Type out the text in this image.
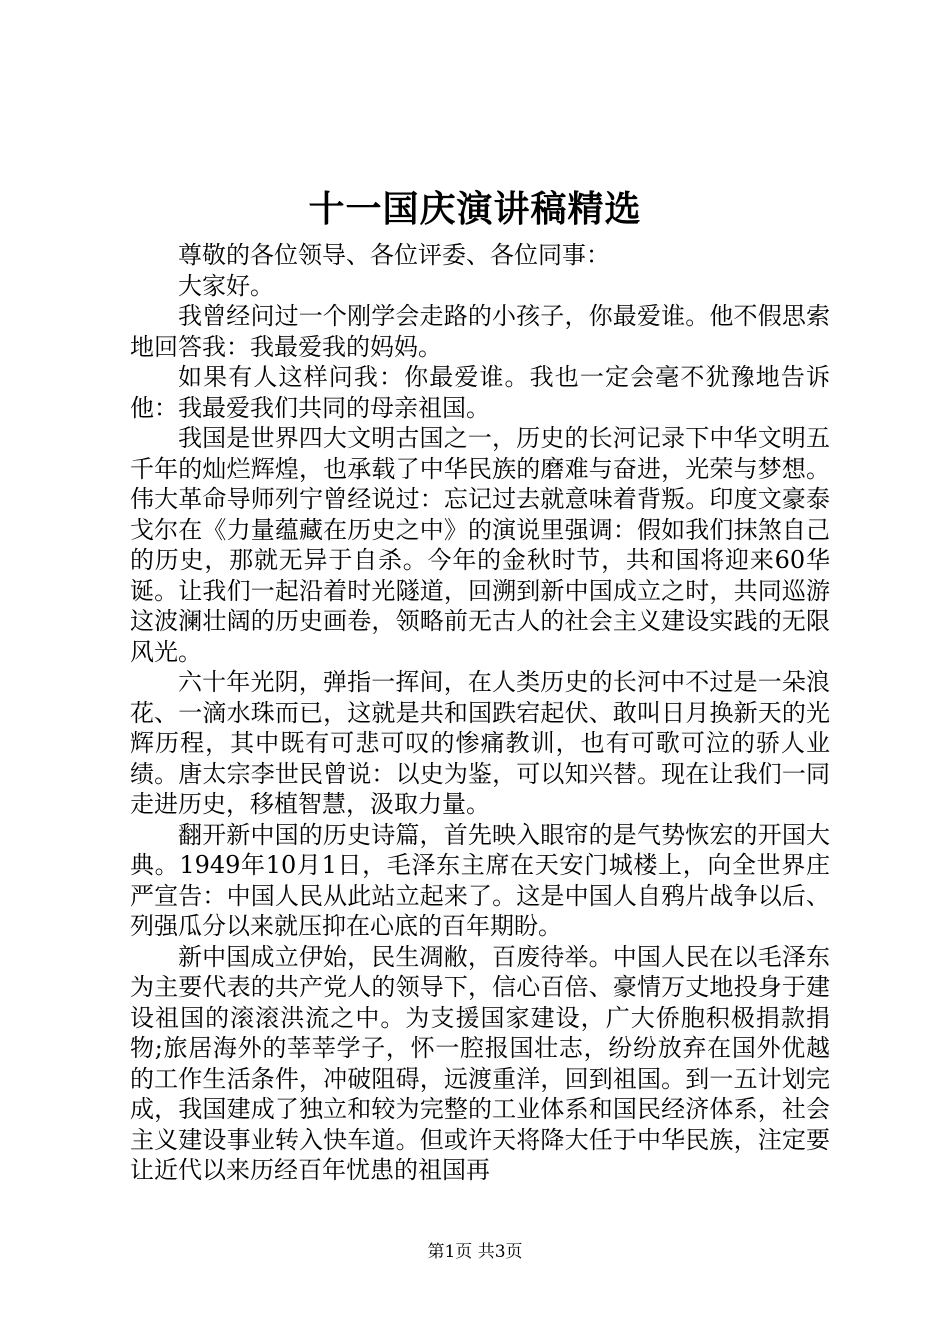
十一国庆演讲稿精选

尊敬的各位领导、各位评委、各位同事：

大家好。

我曾经问过一个刚学会走路的小孩子，你最爱谁。他不假思索地回答我：我最爱我的妈妈。

如果有人这样问我：你最爱谁。我也一定会毫不犹豫地告诉他：我最爱我们共同的母亲祖国。

我国是世界四大文明古国之一，历史的长河记录下中华文明五千年的灿烂辉煌，也承载了中华民族的磨难与奋进，光荣与梦想。伟大革命导师列宁曾经说过：忘记过去就意味着背叛。印度文豪泰戈尔在《力量蕴藏在历史之中》的演说里强调：假如我们抹煞自己的历史，那就无异于自杀。今年的金秋时节，共和国将迎来60华诞。让我们一起沿着时光隧道，回溯到新中国成立之时，共同巡游这波澜壮阔的历史画卷，领略前无古人的社会主义建设实践的无限风光。

六十年光阴，弹指一挥间，在人类历史的长河中不过是一朵浪花、一滴水珠而已，这就是共和国跌宕起伏、敢叫日月换新天的光辉历程，其中既有可悲可叹的惨痛教训，也有可歌可泣的骄人业绩。唐太宗李世民曾说：以史为鉴，可以知兴替。现在让我们一同走进历史，移植智慧，汲取力量。

翻开新中国的历史诗篇，首先映入眼帘的是气势恢宏的开国大典。1949年10月1日，毛泽东主席在天安门城楼上，向全世界庄严宣告：中国人民从此站立起来了。这是中国人自鸦片战争以后、列强瓜分以来就压抑在心底的百年期盼。

新中国成立伊始，民生凋敝，百废待举。中国人民在以毛泽东为主要代表的共产党人的领导下，信心百倍、豪情万丈地投身于建设祖国的滚滚洪流之中。为支援国家建设，广大侨胞积极捐款捐物;旅居海外的莘莘学子，怀一腔报国壮志，纷纷放弃在国外优越的工作生活条件，冲破阻碍，远渡重洋，回到祖国。到一五计划完成，我国建成了独立和较为完整的工业体系和国民经济体系，社会主义建设事业转入快车道。但或许天将降大任于中华民族，注定要让近代以来历经百年忧患的祖国再

第1页 共3页
